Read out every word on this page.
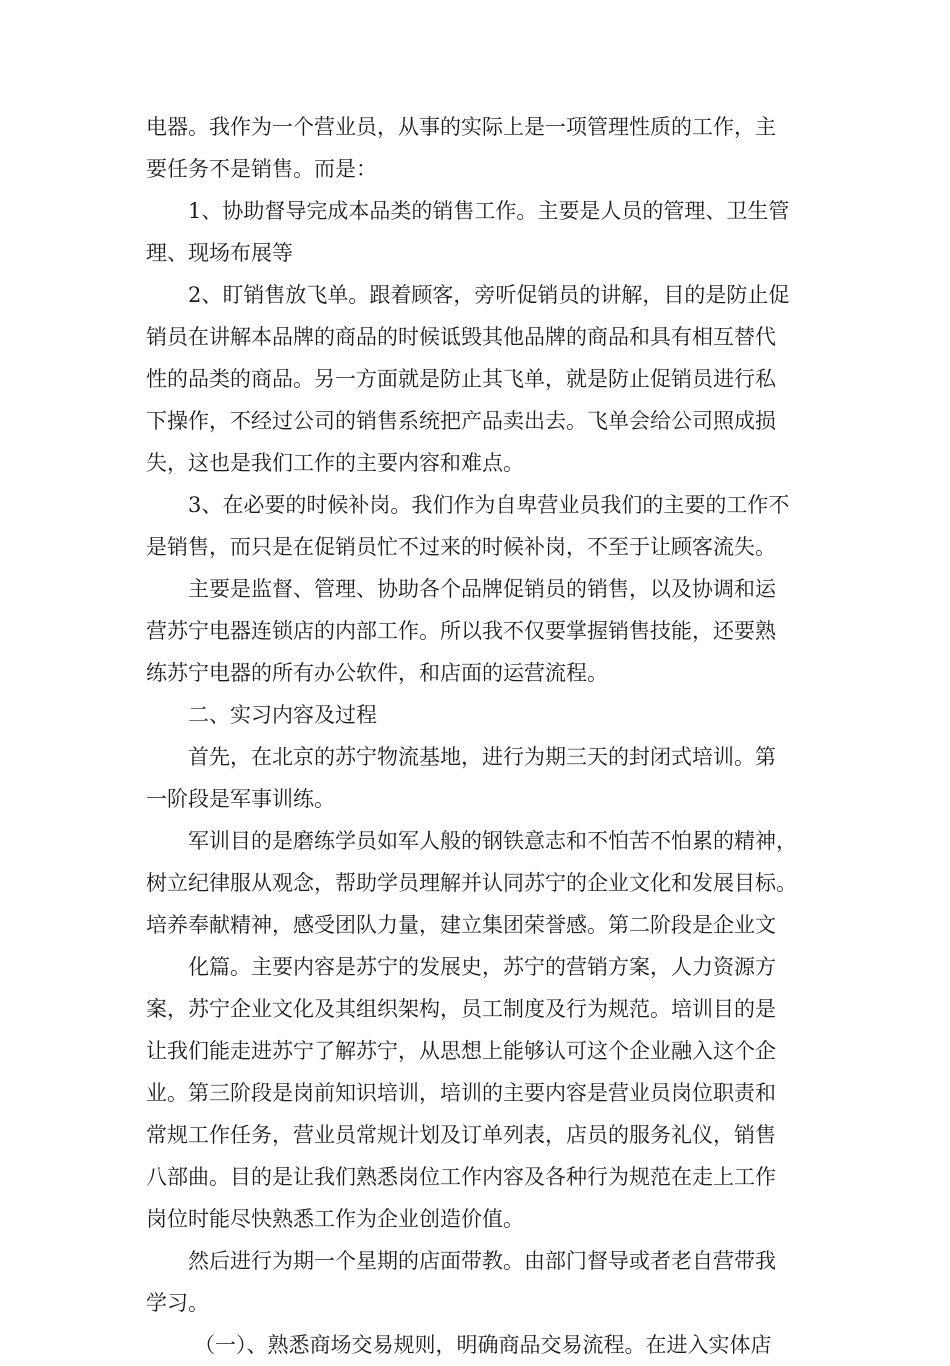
电器。我作为一个营业员，从事的实际上是一项管理性质的工作，主
要任务不是销售。而是：
1、协助督导完成本品类的销售工作。主要是人员的管理、卫生管
理、现场布展等
2、盯销售放飞单。跟着顾客，旁听促销员的讲解，目的是防止促
销员在讲解本品牌的商品的时候诋毁其他品牌的商品和具有相互替代
性的品类的商品。另一方面就是防止其飞单，就是防止促销员进行私
下操作，不经过公司的销售系统把产品卖出去。飞单会给公司照成损
失，这也是我们工作的主要内容和难点。
3、在必要的时候补岗。我们作为自卑营业员我们的主要的工作不
是销售，而只是在促销员忙不过来的时候补岗，不至于让顾客流失。
主要是监督、管理、协助各个品牌促销员的销售，以及协调和运
营苏宁电器连锁店的内部工作。所以我不仅要掌握销售技能，还要熟
练苏宁电器的所有办公软件，和店面的运营流程。
二、实习内容及过程
首先，在北京的苏宁物流基地，进行为期三天的封闭式培训。第
一阶段是军事训练。
军训目的是磨练学员如军人般的钢铁意志和不怕苦不怕累的精神，
树立纪律服从观念，帮助学员理解并认同苏宁的企业文化和发展目标。
培养奉献精神，感受团队力量，建立集团荣誉感。第二阶段是企业文
化篇。主要内容是苏宁的发展史，苏宁的营销方案，人力资源方
案，苏宁企业文化及其组织架构，员工制度及行为规范。培训目的是
让我们能走进苏宁了解苏宁，从思想上能够认可这个企业融入这个企
业。第三阶段是岗前知识培训，培训的主要内容是营业员岗位职责和
常规工作任务，营业员常规计划及订单列表，店员的服务礼仪，销售
八部曲。目的是让我们熟悉岗位工作内容及各种行为规范在走上工作
岗位时能尽快熟悉工作为企业创造价值。
然后进行为期一个星期的店面带教。由部门督导或者老自营带我
学习。
（一）、熟悉商场交易规则，明确商品交易流程。在进入实体店
